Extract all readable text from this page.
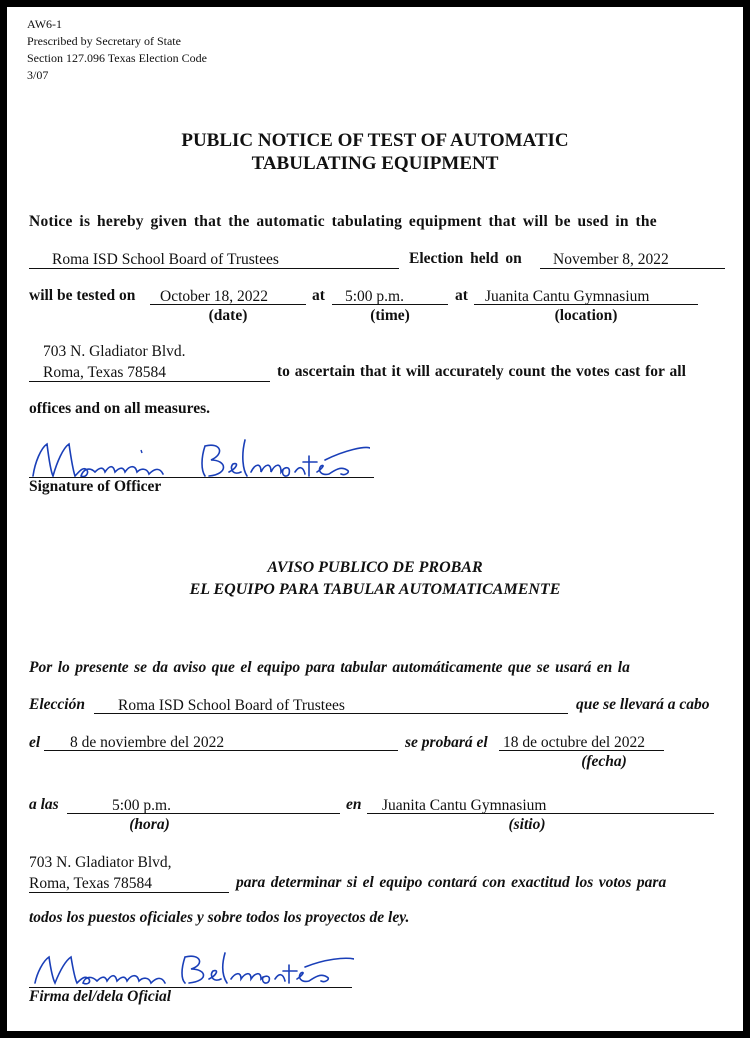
AW6-1
Prescribed by Secretary of State
Section 127.096 Texas Election Code
3/07
PUBLIC NOTICE OF TEST OF AUTOMATIC
TABULATING EQUIPMENT
Notice is hereby given that the automatic tabulating equipment that will be used in the
Roma ISD School Board of Trustees	Election held on November 8, 2022
will be tested on October 18, 2022	at 5:00 p.m.	at Juanita Cantu Gymnasium
(date)	(time)	(location)
703 N. Gladiator Blvd.
Roma, Texas 78584	to ascertain that it will accurately count the votes cast for all
offices and on all measures.
Signature of Officer
AVISO PUBLICO DE PROBAR
EL EQUIPO PARA TABULAR AUTOMATICAMENTE
Por lo presente se da aviso que el equipo para tabular automáticamente que se usará en la
Elección Roma ISD School Board of Trustees	que se llevará a cabo
el 8 de noviembre del 2022	se probará el 18 de octubre del 2022
(fecha)
a las	5:00 p.m.	en Juanita Cantu Gymnasium
(hora)	(sitio)
703 N. Gladiator Blvd,
Roma, Texas 78584	para determinar si el equipo contará con exactitud los votos para
todos los puestos oficiales y sobre todos los proyectos de ley.
Firma del/dela Oficial
